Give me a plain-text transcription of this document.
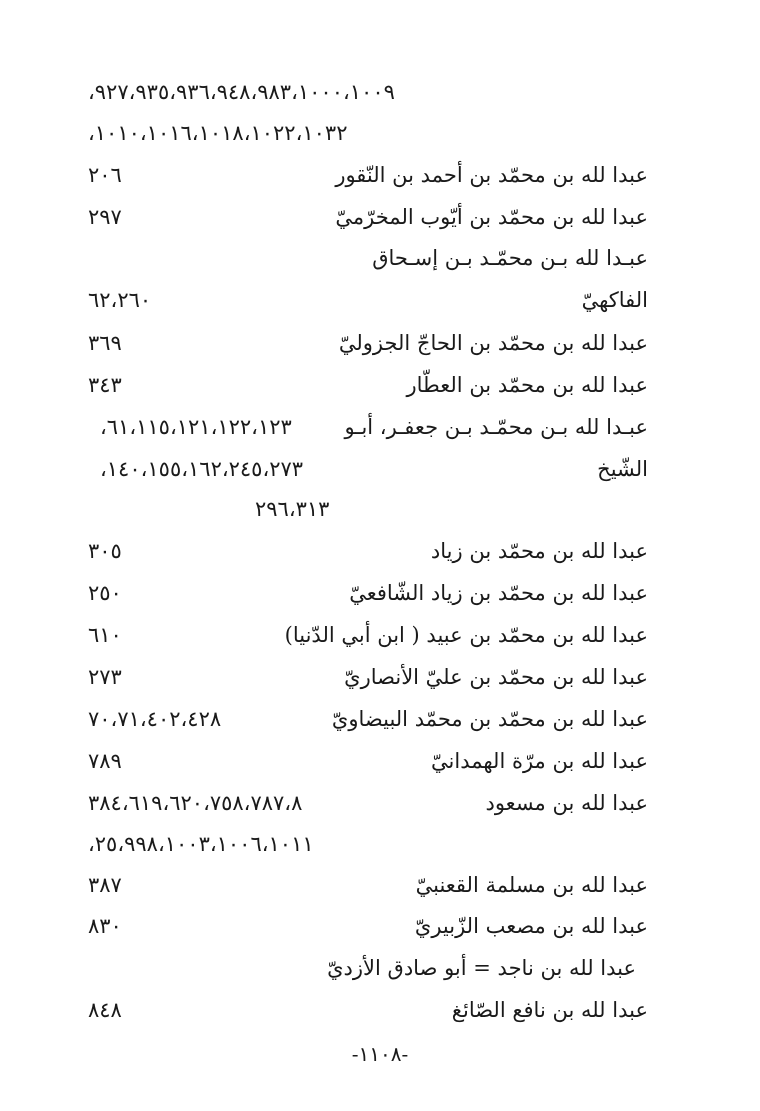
٩٢٧،٩٣٥،٩٣٦،٩٤٨،٩٨٣،١٠٠٠،١٠٠٩،
١٠١٠،١٠١٦،١٠١٨،١٠٢٢،١٠٣٢،
عبدا لله بن محمّد بن أحمد بن النّقور
٢٠٦
عبدا لله بن محمّد بن أيّوب المخرّميّ
٢٩٧
عبـدا لله بـن محمّـد بـن إسـحاق
الفاكهيّ
٦٢،٢٦٠
عبدا لله بن محمّد بن الحاجّ الجزوليّ
٣٦٩
عبدا لله بن محمّد بن العطّار
٣٤٣
عبـدا لله بـن محمّـد بـن جعفـر، أبـو
٦١،١١٥،١٢١،١٢٢،١٢٣،
الشّيخ
١٤٠،١٥٥،١٦٢،٢٤٥،٢٧٣،
٢٩٦،٣١٣
عبدا لله بن محمّد بن زياد
٣٠٥
عبدا لله بن محمّد بن زياد الشّافعيّ
٢٥٠
عبدا لله بن محمّد بن عبيد ( ابن أبي الدّنيا)
٦١٠
عبدا لله بن محمّد بن عليّ الأنصاريّ
٢٧٣
عبدا لله بن محمّد بن محمّد البيضاويّ
٧٠،٧١،٤٠٢،٤٢٨
عبدا لله بن مرّة الهمدانيّ
٧٨٩
عبدا لله بن مسعود
٣٨٤،٦١٩،٦٢٠،٧٥٨،٧٨٧،٨
٢٥،٩٩٨،١٠٠٣،١٠٠٦،١٠١١،
عبدا لله بن مسلمة القعنبيّ
٣٨٧
عبدا لله بن مصعب الزّبيريّ
٨٣٠
عبدا لله بن ناجد = أبو صادق الأزديّ
عبدا لله بن نافع الصّائغ
٨٤٨
-١١٠٨-
